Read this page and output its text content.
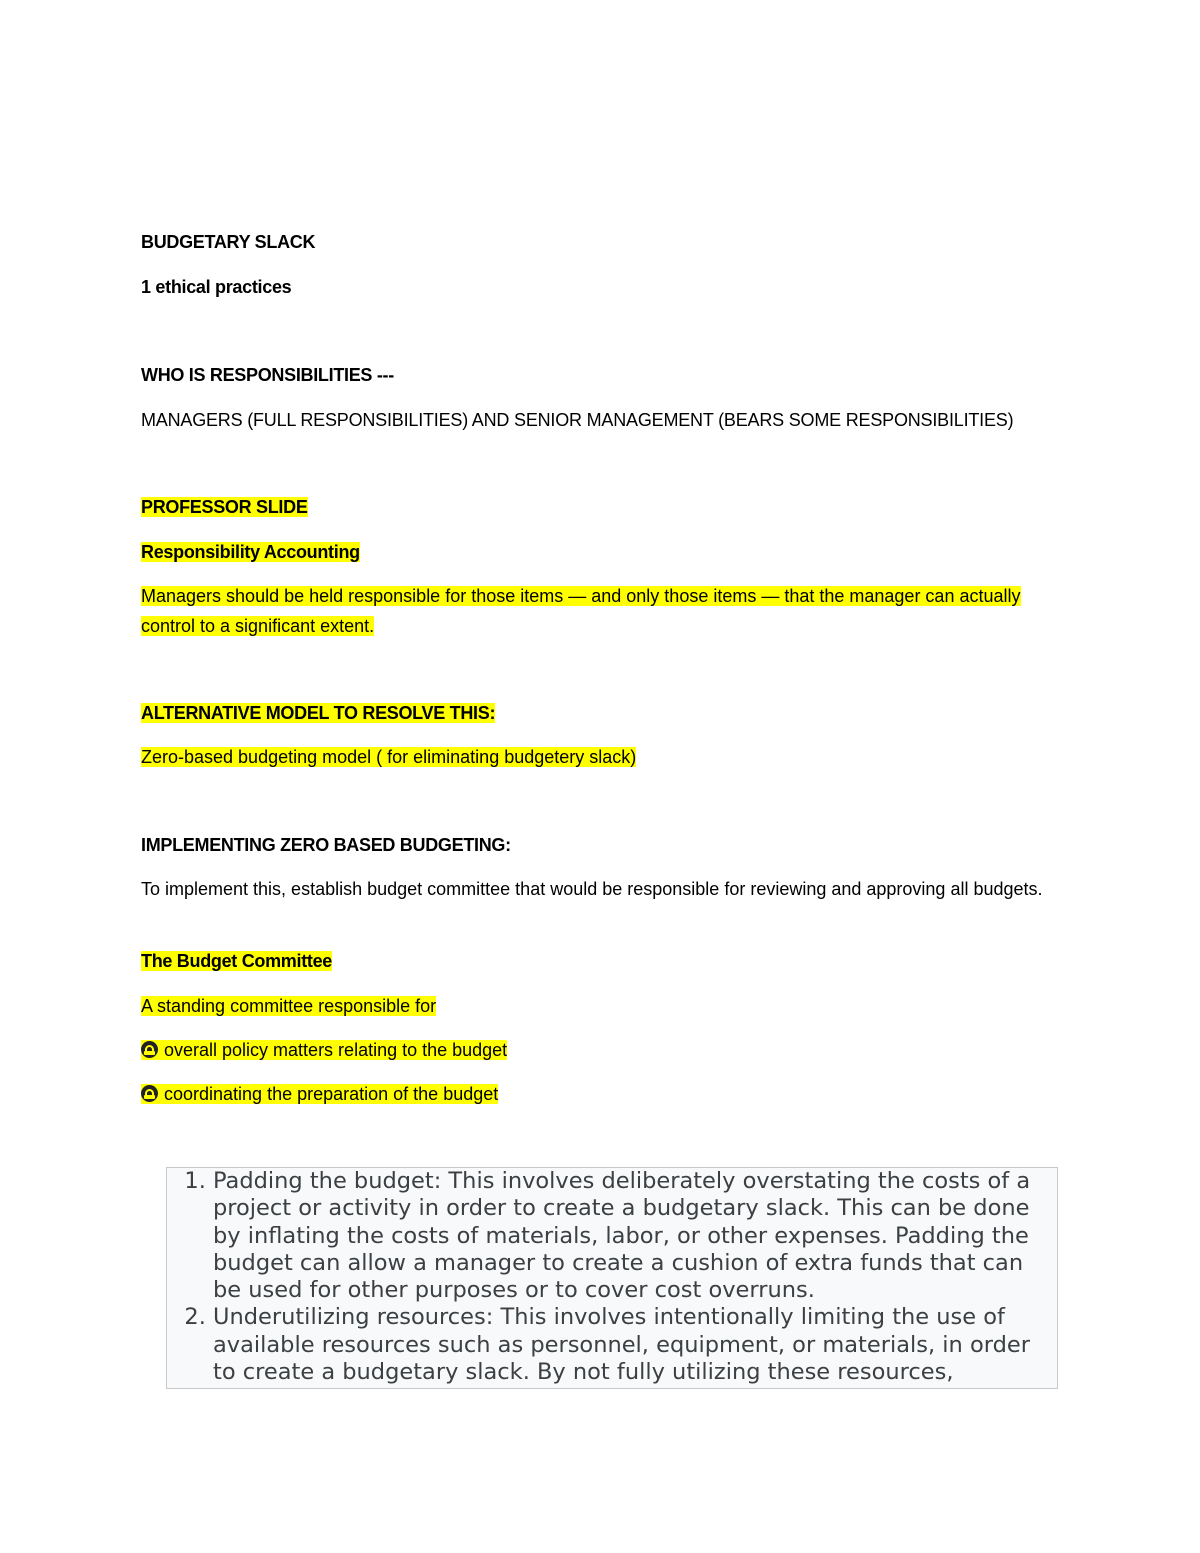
BUDGETARY SLACK
1 ethical practices
WHO IS RESPONSIBILITIES ---
MANAGERS (FULL RESPONSIBILITIES) AND SENIOR MANAGEMENT (BEARS SOME RESPONSIBILITIES)
PROFESSOR SLIDE
Responsibility Accounting
Managers should be held responsible for those items — and only those items — that the manager can actually control to a significant extent.
ALTERNATIVE MODEL TO RESOLVE THIS:
Zero-based budgeting model ( for eliminating budgetery slack)
IMPLEMENTING ZERO BASED BUDGETING:
To implement this, establish budget committee that would be responsible for reviewing and approving all budgets.
The Budget Committee
A standing committee responsible for
overall policy matters relating to the budget
coordinating the preparation of the budget
1. Padding the budget: This involves deliberately overstating the costs of a project or activity in order to create a budgetary slack. This can be done by inflating the costs of materials, labor, or other expenses. Padding the budget can allow a manager to create a cushion of extra funds that can be used for other purposes or to cover cost overruns.
2. Underutilizing resources: This involves intentionally limiting the use of available resources such as personnel, equipment, or materials, in order to create a budgetary slack. By not fully utilizing these resources,
